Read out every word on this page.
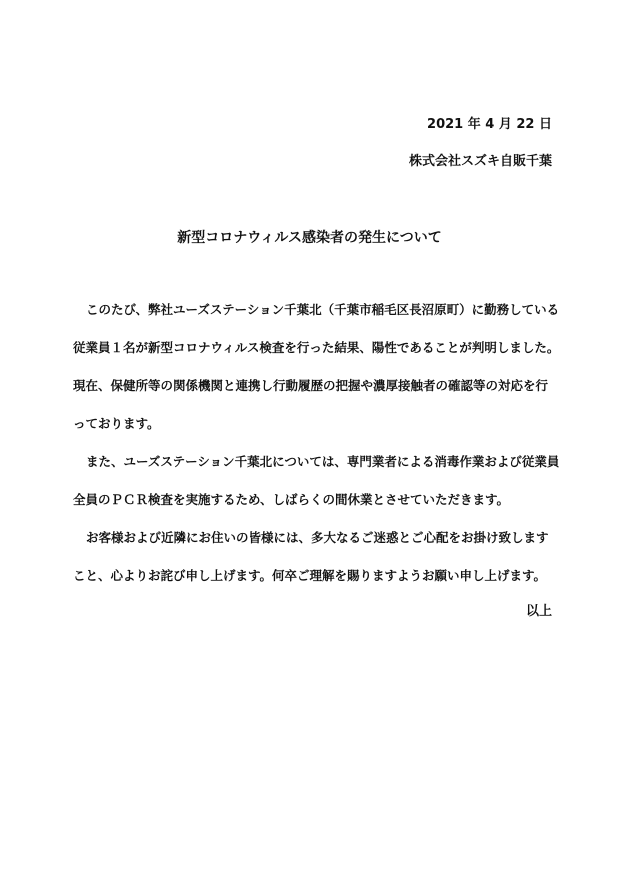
2021 年 4 月 22 日
株式会社スズキ自販千葉
新型コロナウィルス感染者の発生について
このたび、弊社ユーズステーション千葉北（千葉市稲毛区長沼原町）に勤務している
従業員１名が新型コロナウィルス検査を行った結果、陽性であることが判明しました。
現在、保健所等の関係機関と連携し行動履歴の把握や濃厚接触者の確認等の対応を行
っております。
また、ユーズステーション千葉北については、専門業者による消毒作業および従業員
全員のＰＣＲ検査を実施するため、しばらくの間休業とさせていただきます。
お客様および近隣にお住いの皆様には、多大なるご迷惑とご心配をお掛け致します
こと、心よりお詫び申し上げます。何卒ご理解を賜りますようお願い申し上げます。
以上
